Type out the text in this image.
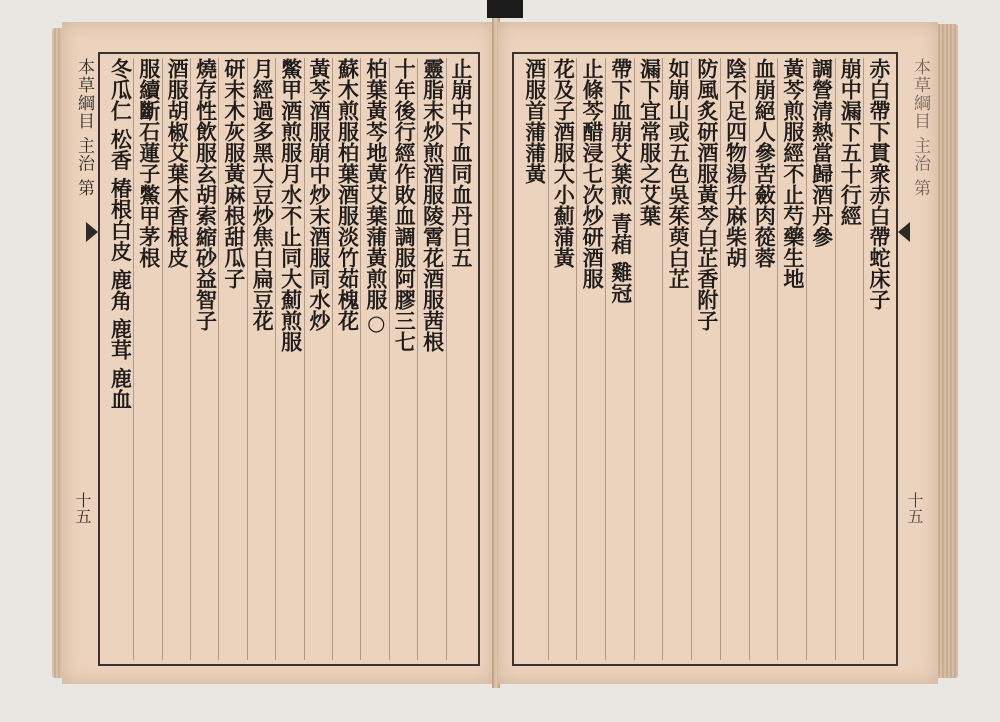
本草綱目 主治 第
十五
止崩中下血同血丹日五
靈脂末炒煎酒服陵霄花酒服茜根
十年後行經作敗血調服阿膠三七
柏葉黃芩地黃艾葉蒲黃煎服○
蘇木煎服柏葉酒服淡竹茹槐花
黃芩酒服崩中炒末酒服同水炒
鱉甲酒煎服月水不止同大薊煎服
月經過多黑大豆炒焦白扁豆花
研末木灰服黃麻根甜瓜子
燒存性飲服玄胡索縮砂益智子
酒服胡椒艾葉木香根皮
服續斷石蓮子鱉甲茅根
冬瓜仁 松香 椿根白皮 鹿角 鹿茸 鹿血	本草綱目 主治 第
十五
赤白帶下貫衆赤白帶蛇床子
崩中漏下五十行經
調營清熱當歸酒丹參
黃芩煎服經不止芍藥生地
血崩絕人參苦蘞肉蓯蓉
陰不足四物湯升麻柴胡
防風炙研酒服黃芩白芷香附子
如崩山或五色吳茱萸白芷
漏下宜常服之艾葉
帶下血崩艾葉煎 青葙 雞冠
止條芩醋浸七次炒研酒服
花及子酒服大小薊蒲黃
酒服首蒲蒲黃
